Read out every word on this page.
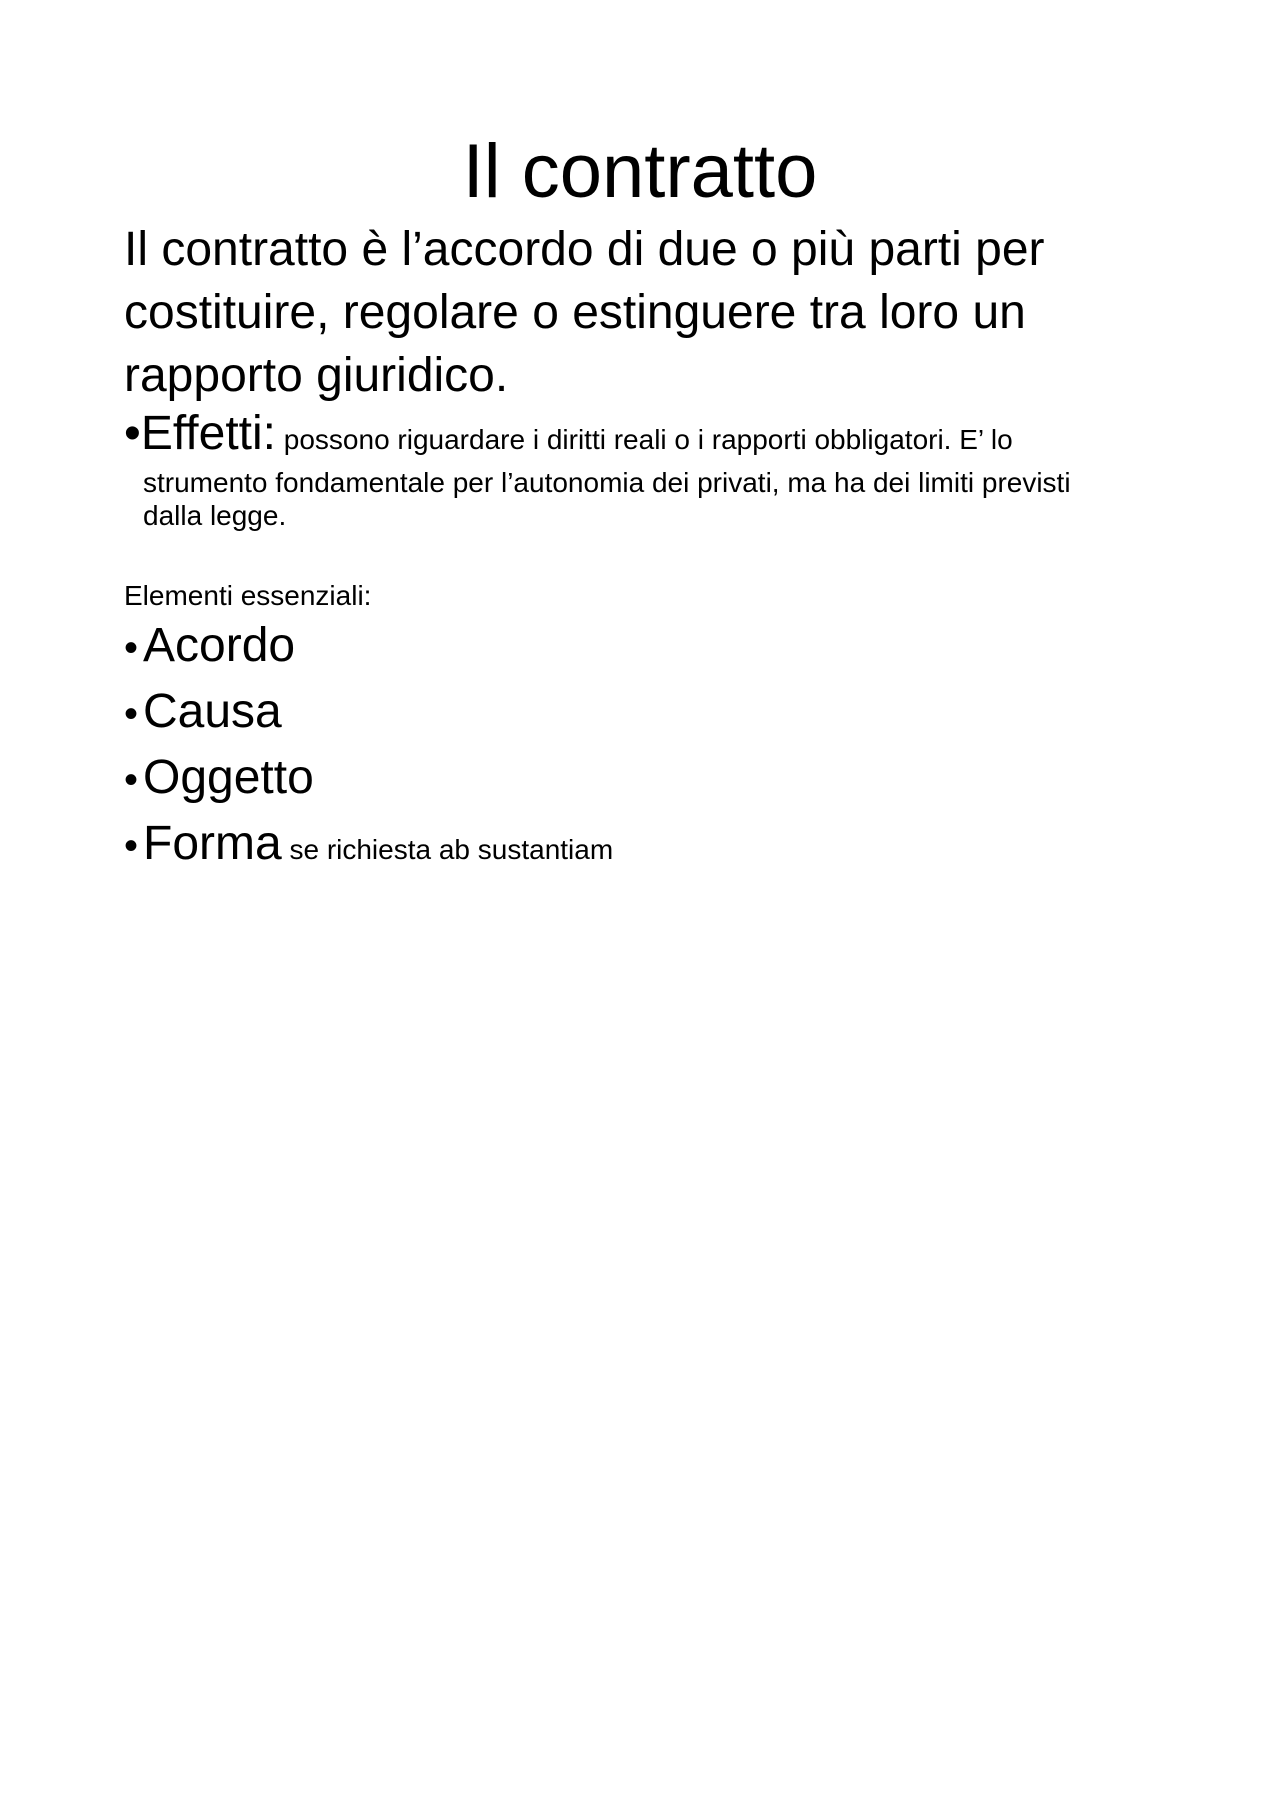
Il contratto

Il contratto è l’accordo di due o più parti per costituire, regolare o estinguere tra loro un rapporto giuridico.

•Effetti: possono riguardare i diritti reali o i rapporti obbligatori. E’ lo
strumento fondamentale per l’autonomia dei privati, ma ha dei limiti previsti
dalla legge.

Elementi essenziali:

• Acordo
• Causa
• Oggetto
• Forma se richiesta ab sustantiam
